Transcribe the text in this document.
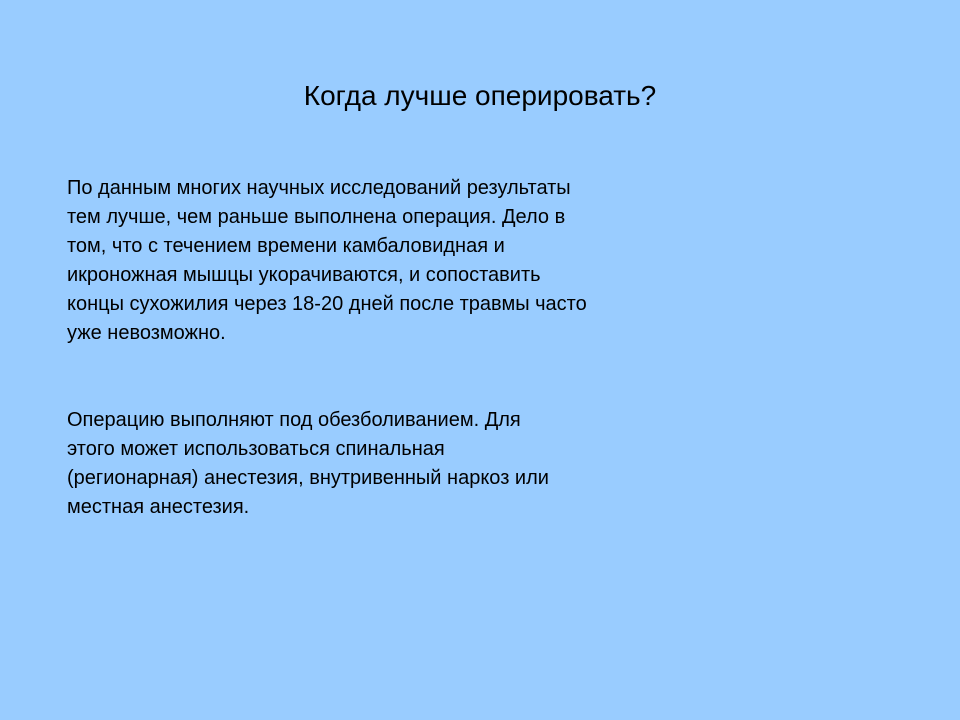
Когда лучше оперировать?
По данным многих научных исследований результаты
тем лучше, чем раньше выполнена операция. Дело в
том, что с течением времени камбаловидная и
икроножная мышцы укорачиваются, и сопоставить
концы сухожилия через 18-20 дней после травмы часто
уже невозможно.
Операцию выполняют под обезболиванием. Для
этого может использоваться спинальная
(регионарная) анестезия, внутривенный наркоз или
местная анестезия.
